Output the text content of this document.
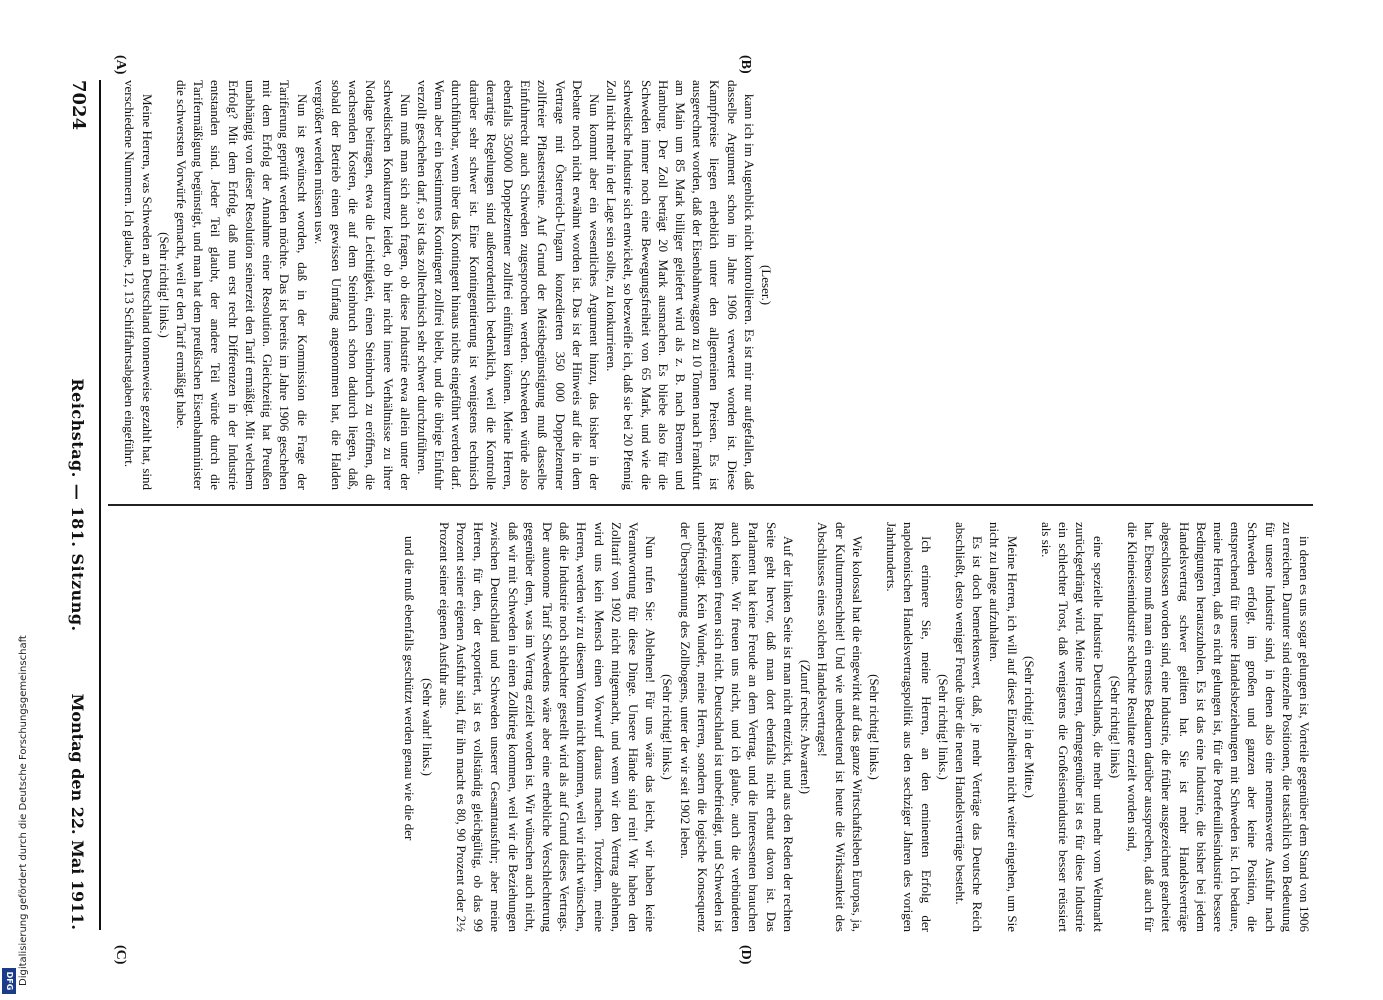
7024
Reichstag. — 181. Sitzung.
Montag den 22. Mai 1911.
(A)	(B)
(C)	(D)

(Leser.)

kann ich im Augenblick nicht kontrollieren. Es ist mir nur aufgefallen, daß dasselbe Argument schon im Jahre 1906 verwertet worden ist. Diese Kampfpreise liegen erheblich unter den allgemeinen Preisen. Es ist ausgerechnet worden, daß der Eisenbahnwaggon zu 10 Tonnen nach Frankfurt am Main um 85 Mark billiger geliefert wird als z. B. nach Bremen und Hamburg. Der Zoll beträgt 20 Mark ausmachen. Es bliebe also für die Schweden immer noch eine Bewegungsfreiheit von 65 Mark, und wie die schwedische Industrie sich entwickelt, so bezweifle ich, daß sie bei 20 Pfennig Zoll nicht mehr in der Lage sein sollte, zu konkurrieren.

Nun kommt aber ein wesentliches Argument hinzu, das bisher in der Debatte noch nicht erwähnt worden ist. Das ist der Hinweis auf die in dem Vertrage mit Österreich-Ungarn konzedierten 350 000 Doppelzentner zollfreier Pflastersteine. Auf Grund der Meistbegünstigung muß dasselbe Einfuhrrecht auch Schweden zugesprochen werden. Schweden würde also ebenfalls 350000 Doppelzentner zollfrei einführen können. Meine Herren, derartige Regelungen sind außerordentlich bedenklich, weil die Kontrolle darüber sehr schwer ist. Eine Kontingentierung ist wenigstens technisch durchführbar, wenn über das Kontingent hinaus nichts eingeführt werden darf. Wenn aber ein bestimmtes Kontingent zollfrei bleibt, und die übrige Einfuhr verzollt geschehen darf, so ist das zolltechnisch sehr schwer durchzuführen.

Nun muß man sich auch fragen, ob diese Industrie etwa allein unter der schwedischen Konkurrenz leidet, ob hier nicht innere Verhältnisse zu ihrer Notlage beitragen, etwa die Leichtigkeit, einen Steinbruch zu eröffnen, die wachsenden Kosten, die auf dem Steinbruch schon dadurch liegen, daß, sobald der Betrieb einen gewissen Umfang angenommen hat, die Halden vergrößert werden müssen usw.

Nun ist gewünscht worden, daß in der Kommission die Frage der Tarifierung geprüft werden möchte. Das ist bereits im Jahre 1906 geschehen mit dem Erfolg der Annahme einer Resolution. Gleichzeitig hat Preußen unabhängig von dieser Resolution seinerzeit den Tarif ermäßigt. Mit welchem Erfolg? Mit dem Erfolg, daß nun erst recht Differenzen in der Industrie entstanden sind. Jeder Teil glaubt, der andere Teil würde durch die Tarifermäßigung begünstigt, und man hat dem preußischen Eisenbahnminister die schwersten Vorwürfe gemacht, weil er den Tarif ermäßigt habe.

(Sehr richtig! links.)

Meine Herren, was Schweden an Deutschland tonnenweise gezahlt hat, sind verschiedene Nummern. Ich glaube, 12, 13 Schiffahrtsabgaben eingeführt.

in denen es uns sogar gelungen ist, Vorteile gegenüber dem Stand von 1906 zu erreichen. Darunter sind einzelne Positionen, die tatsächlich von Bedeutung für unsere Industrie sind, in denen also eine nennenswerte Ausfuhr nach Schweden erfolgt, im großen und ganzen aber keine Position, die entsprechend für unsere Handelsbeziehungen mit Schweden ist. Ich bedaure, meine Herren, daß es nicht gelungen ist, für die Portefeuillesindustrie bessere Bedingungen herauszuholen. Es ist das eine Industrie, die bisher bei jedem Handelsvertrag schwer gelitten hat. Sie ist mehr Handelsverträge abgeschlossen worden sind, eine Industrie, die früher ausgezeichnet gearbeitet hat. Ebenso muß man ein ernstes Bedauern darüber aussprechen, daß auch für die Kleineisenindustrie schlechte Resultate erzielt worden sind,

(Sehr richtig! links)

eine spezielle Industrie Deutschlands, die mehr und mehr vom Weltmarkt zurückgedrängt wird. Meine Herren, demgegenüber ist es für diese Industrie ein schlechter Trost, daß wenigstens die Großeisenindustrie besser reüssiert als sie.

(Sehr richtig! in der Mitte.)

Meine Herren, ich will auf diese Einzelheiten nicht weiter eingehen, um Sie nicht zu lange aufzuhalten.

Es ist doch bemerkenswert, daß, je mehr Verträge das Deutsche Reich abschließt, desto weniger Freude über die neuen Handelsverträge besteht.

(Sehr richtig! links.)

Ich erinnere Sie, meine Herren, an den eminenten Erfolg der napoleonischen Handelsvertragspolitik aus den sechziger Jahren des vorigen Jahrhunderts.

(Sehr richtig! links.)

Wie kolossal hat die eingewirkt auf das ganze Wirtschaftsleben Europas, ja, der Kulturmenschheit! Und wie unbedeutend ist heute die Wirksamkeit des Abschlusses eines solchen Handelsvertrages!

(Zuruf rechts: Abwarten!)

Auf der linken Seite ist man nicht entzückt, und aus den Reden der rechten Seite geht hervor, daß man dort ebenfalls nicht erbaut davon ist. Das Parlament hat keine Freude an dem Vertrag, und die Interessenten brauchen auch keine. Wir freuen uns nicht, und ich glaube, auch die verbündeten Regierungen freuen sich nicht. Deutschland ist unbefriedigt, und Schweden ist unbefriedigt. Kein Wunder, meine Herren, sondern die logische Konsequenz der Überspannung des Zollbogens, unter der wir seit 1902 leben.

(Sehr richtig! links.)

Nun rufen Sie: Ablehnen! Für uns wäre das leicht, wir haben keine Verantwortung für diese Dinge. Unsere Hände sind rein! Wir haben den Zolltarif von 1902 nicht mitgemacht, und wenn wir den Vertrag ablehnen, wird uns kein Mensch einen Vorwurf daraus machen. Trotzdem, meine Herren, werden wir zu diesem Votum nicht kommen, weil wir nicht wünschen, daß die Industrie noch schlechter gestellt wird als auf Grund dieses Vertrags. Der autonome Tarif Schwedens wäre aber eine erhebliche Verschlechterung gegenüber dem, was im Vertrag erzielt worden ist. Wir wünschen auch nicht, daß wir mit Schweden in einen Zollkrieg kommen, weil wir die Beziehungen zwischen Deutschland und Schweden unserer Gesamtausfuhr; aber meine Herren, für den, der exportiert, ist es vollständig gleichgültig, ob das 99 Prozent seiner eigenen Ausfuhr sind, für ihn macht es 80, 90 Prozent oder 2½ Prozent seiner eigenen Ausfuhr aus.

(Sehr wahr! links.)

und die muß ebenfalls geschützt werden genau wie die der

Digitalisierung gefördert durch die Deutsche Forschungsgemeinschaft
DFG
